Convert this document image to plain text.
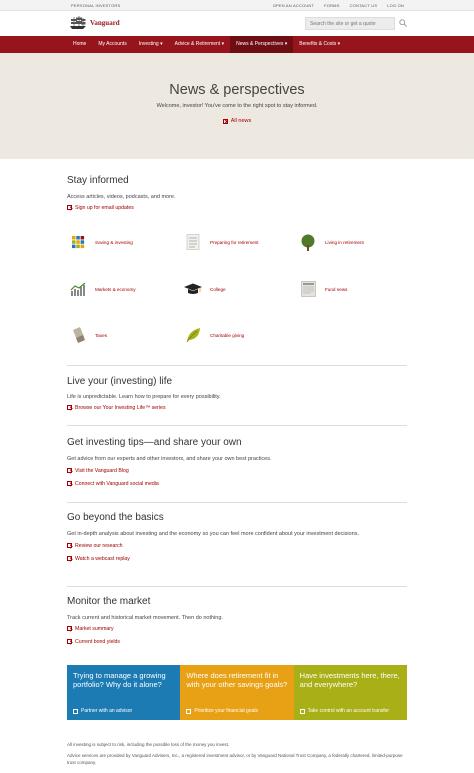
PERSONAL INVESTORS	OPEN AN ACCOUNT	FORMS	CONTACT US	LOG ON
Vanguard	Search the site or get a quote
Home	My Accounts	Investing ▾	Advice & Retirement ▾	News & Perspectives ▾	Benefits & Costs ▾
News & perspectives
Welcome, investor! You've come to the right spot to stay informed.
All news
Stay informed
Access articles, videos, podcasts, and more.
Sign up for email updates
Saving & investing	Preparing for retirement	Living in retirement
Markets & economy	College	Fund news
Taxes	Charitable giving
Live your (investing) life
Life is unpredictable. Learn how to prepare for every possibility.
Browse our Your Investing Life™ series
Get investing tips—and share your own
Get advice from our experts and other investors, and share your own best practices.
Visit the Vanguard Blog
Connect with Vanguard social media
Go beyond the basics
Get in-depth analysis about investing and the economy so you can feel more confident about your investment decisions.
Review our research
Watch a webcast replay
Monitor the market
Track current and historical market movement. Then do nothing.
Market summary
Current bond yields
Trying to manage a growing portfolio? Why do it alone?
Partner with an advisor
Where does retirement fit in with your other savings goals?
Prioritize your financial goals
Have investments here, there, and everywhere?
Take control with an account transfer
All investing is subject to risk, including the possible loss of the money you invest.
Advice services are provided by Vanguard Advisers, Inc., a registered investment advisor, or by Vanguard National Trust Company, a federally chartered, limited-purpose trust company.
